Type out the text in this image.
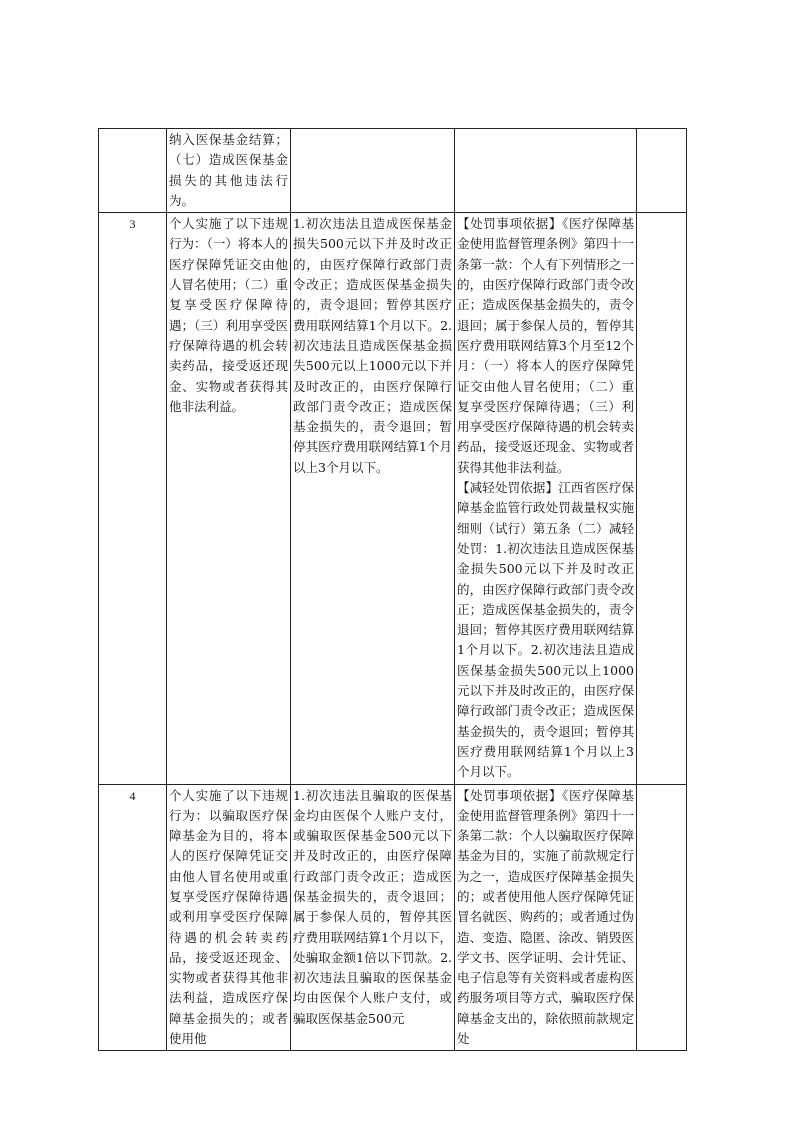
	纳入医保基金结算；（七）造成医保基金损失的其他违法行为。			

3	个人实施了以下违规行为：（一）将本人的医疗保障凭证交由他人冒名使用；（二）重复享受医疗保障待遇；（三）利用享受医疗保障待遇的机会转卖药品，接受返还现金、实物或者获得其他非法利益。	1.初次违法且造成医保基金损失500元以下并及时改正的，由医疗保障行政部门责令改正；造成医保基金损失的，责令退回；暂停其医疗费用联网结算1个月以下。2.初次违法且造成医保基金损失500元以上1000元以下并及时改正的，由医疗保障行政部门责令改正；造成医保基金损失的，责令退回；暂停其医疗费用联网结算1个月以上3个月以下。	【处罚事项依据】《医疗保障基金使用监督管理条例》第四十一条第一款：个人有下列情形之一的，由医疗保障行政部门责令改正；造成医保基金损失的，责令退回；属于参保人员的，暂停其医疗费用联网结算3个月至12个月：（一）将本人的医疗保障凭证交由他人冒名使用；（二）重复享受医疗保障待遇；（三）利用享受医疗保障待遇的机会转卖药品，接受返还现金、实物或者获得其他非法利益。
【减轻处罚依据】江西省医疗保障基金监管行政处罚裁量权实施细则（试行）第五条（二）减轻处罚：1.初次违法且造成医保基金损失500元以下并及时改正的，由医疗保障行政部门责令改正；造成医保基金损失的，责令退回；暂停其医疗费用联网结算1个月以下。2.初次违法且造成医保基金损失500元以上1000元以下并及时改正的，由医疗保障行政部门责令改正；造成医保基金损失的，责令退回；暂停其医疗费用联网结算1个月以上3个月以下。	

4	个人实施了以下违规行为：以骗取医疗保障基金为目的，将本人的医疗保障凭证交由他人冒名使用或重复享受医疗保障待遇或利用享受医疗保障待遇的机会转卖药品，接受返还现金、实物或者获得其他非法利益，造成医疗保障基金损失的；或者使用他	1.初次违法且骗取的医保基金均由医保个人账户支付，或骗取医保基金500元以下并及时改正的，由医疗保障行政部门责令改正；造成医保基金损失的，责令退回；属于参保人员的，暂停其医疗费用联网结算1个月以下，处骗取金额1倍以下罚款。2.初次违法且骗取的医保基金均由医保个人账户支付，或骗取医保基金500元	【处罚事项依据】《医疗保障基金使用监督管理条例》第四十一条第二款：个人以骗取医疗保障基金为目的，实施了前款规定行为之一，造成医疗保障基金损失的；或者使用他人医疗保障凭证冒名就医、购药的；或者通过伪造、变造、隐匿、涂改、销毁医学文书、医学证明、会计凭证、电子信息等有关资料或者虚构医药服务项目等方式，骗取医疗保障基金支出的，除依照前款规定处	
